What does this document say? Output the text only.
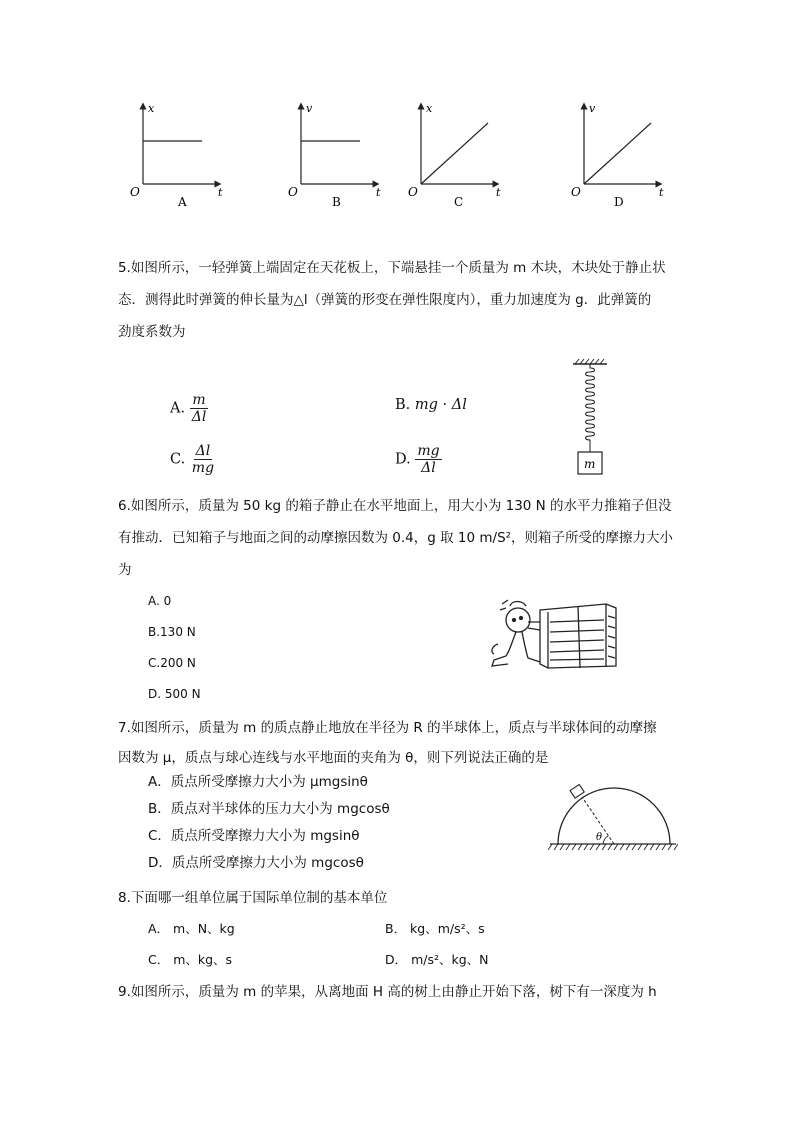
x
t
O
A
v
t
O
B
x
t
O
C
v
t
O
D
5.如图所示，一轻弹簧上端固定在天花板上，下端悬挂一个质量为 m 木块，木块处于静止状
态．测得此时弹簧的伸长量为△l（弹簧的形变在弹性限度内），重力加速度为 g．此弹簧的
劲度系数为
A. $\frac{m}{\Delta l}$	B. mg · Δl
C. $\frac{\Delta l}{mg}$	D. $\frac{mg}{\Delta l}$	m
6.如图所示，质量为 50 kg 的箱子静止在水平地面上，用大小为 130 N 的水平力推箱子但没
有推动．已知箱子与地面之间的动摩擦因数为 0.4，g 取 10 m/S²，则箱子所受的摩擦力大小
为
A. 0
B.130 N
C.200 N
D. 500 N
7.如图所示，质量为 m 的质点静止地放在半径为 R 的半球体上，质点与半球体间的动摩擦
因数为 μ，质点与球心连线与水平地面的夹角为 θ，则下列说法正确的是
A．质点所受摩擦力大小为 μmgsinθ
B．质点对半球体的压力大小为 mgcosθ
C．质点所受摩擦力大小为 mgsinθ
D．质点所受摩擦力大小为 mgcosθ
θ
8.下面哪一组单位属于国际单位制的基本单位
A． m、N、kg	B． kg、m/s²、s
C． m、kg、s	D． m/s²、kg、N
9.如图所示，质量为 m 的苹果，从离地面 H 高的树上由静止开始下落，树下有一深度为 h
